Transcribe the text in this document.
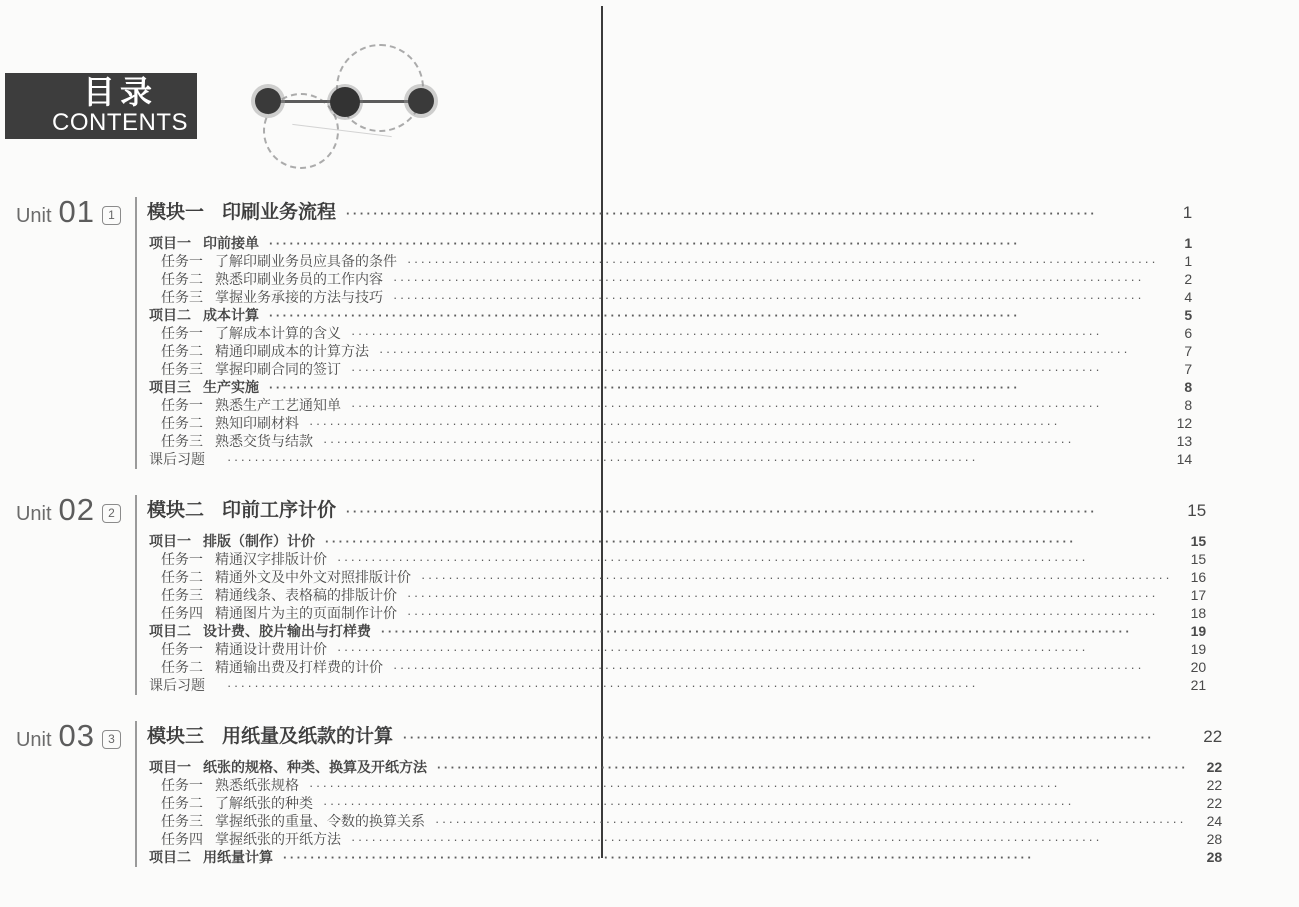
目录
CONTENTS
Unit 01	1	模块一 印刷业务流程 ·····	1
项目一 印前接单 ·····	1
任务一 了解印刷业务员应具备的条件 ·····	1
任务二 熟悉印刷业务员的工作内容 ·····	2
任务三 掌握业务承接的方法与技巧 ·····	4
项目二 成本计算 ·····	5
任务一 了解成本计算的含义 ·····	6
任务二 精通印刷成本的计算方法 ·····	7
任务三 掌握印刷合同的签订 ·····	7
项目三 生产实施 ·····	8
任务一 熟悉生产工艺通知单 ·····	8
任务二 熟知印刷材料 ·····	12
任务三 熟悉交货与结款 ·····	13
课后习题 ·····	14
Unit 02	2	模块二 印前工序计价 ·····	15
项目一 排版（制作）计价 ·····	15
任务一 精通汉字排版计价 ·····	15
任务二 精通外文及中外文对照排版计价 ·····	16
任务三 精通线条、表格稿的排版计价 ·····	17
任务四 精通图片为主的页面制作计价 ·····	18
项目二 设计费、胶片输出与打样费 ·····	19
任务一 精通设计费用计价 ·····	19
任务二 精通输出费及打样费的计价 ·····	20
课后习题 ·····	21
Unit 03	3	模块三 用纸量及纸款的计算 ·····	22
项目一 纸张的规格、种类、换算及开纸方法 ·····	22
任务一 熟悉纸张规格 ·····	22
任务二 了解纸张的种类 ·····	22
任务三 掌握纸张的重量、令数的换算关系 ·····	24
任务四 掌握纸张的开纸方法 ·····	28
项目二 用纸量计算 ·····	28
